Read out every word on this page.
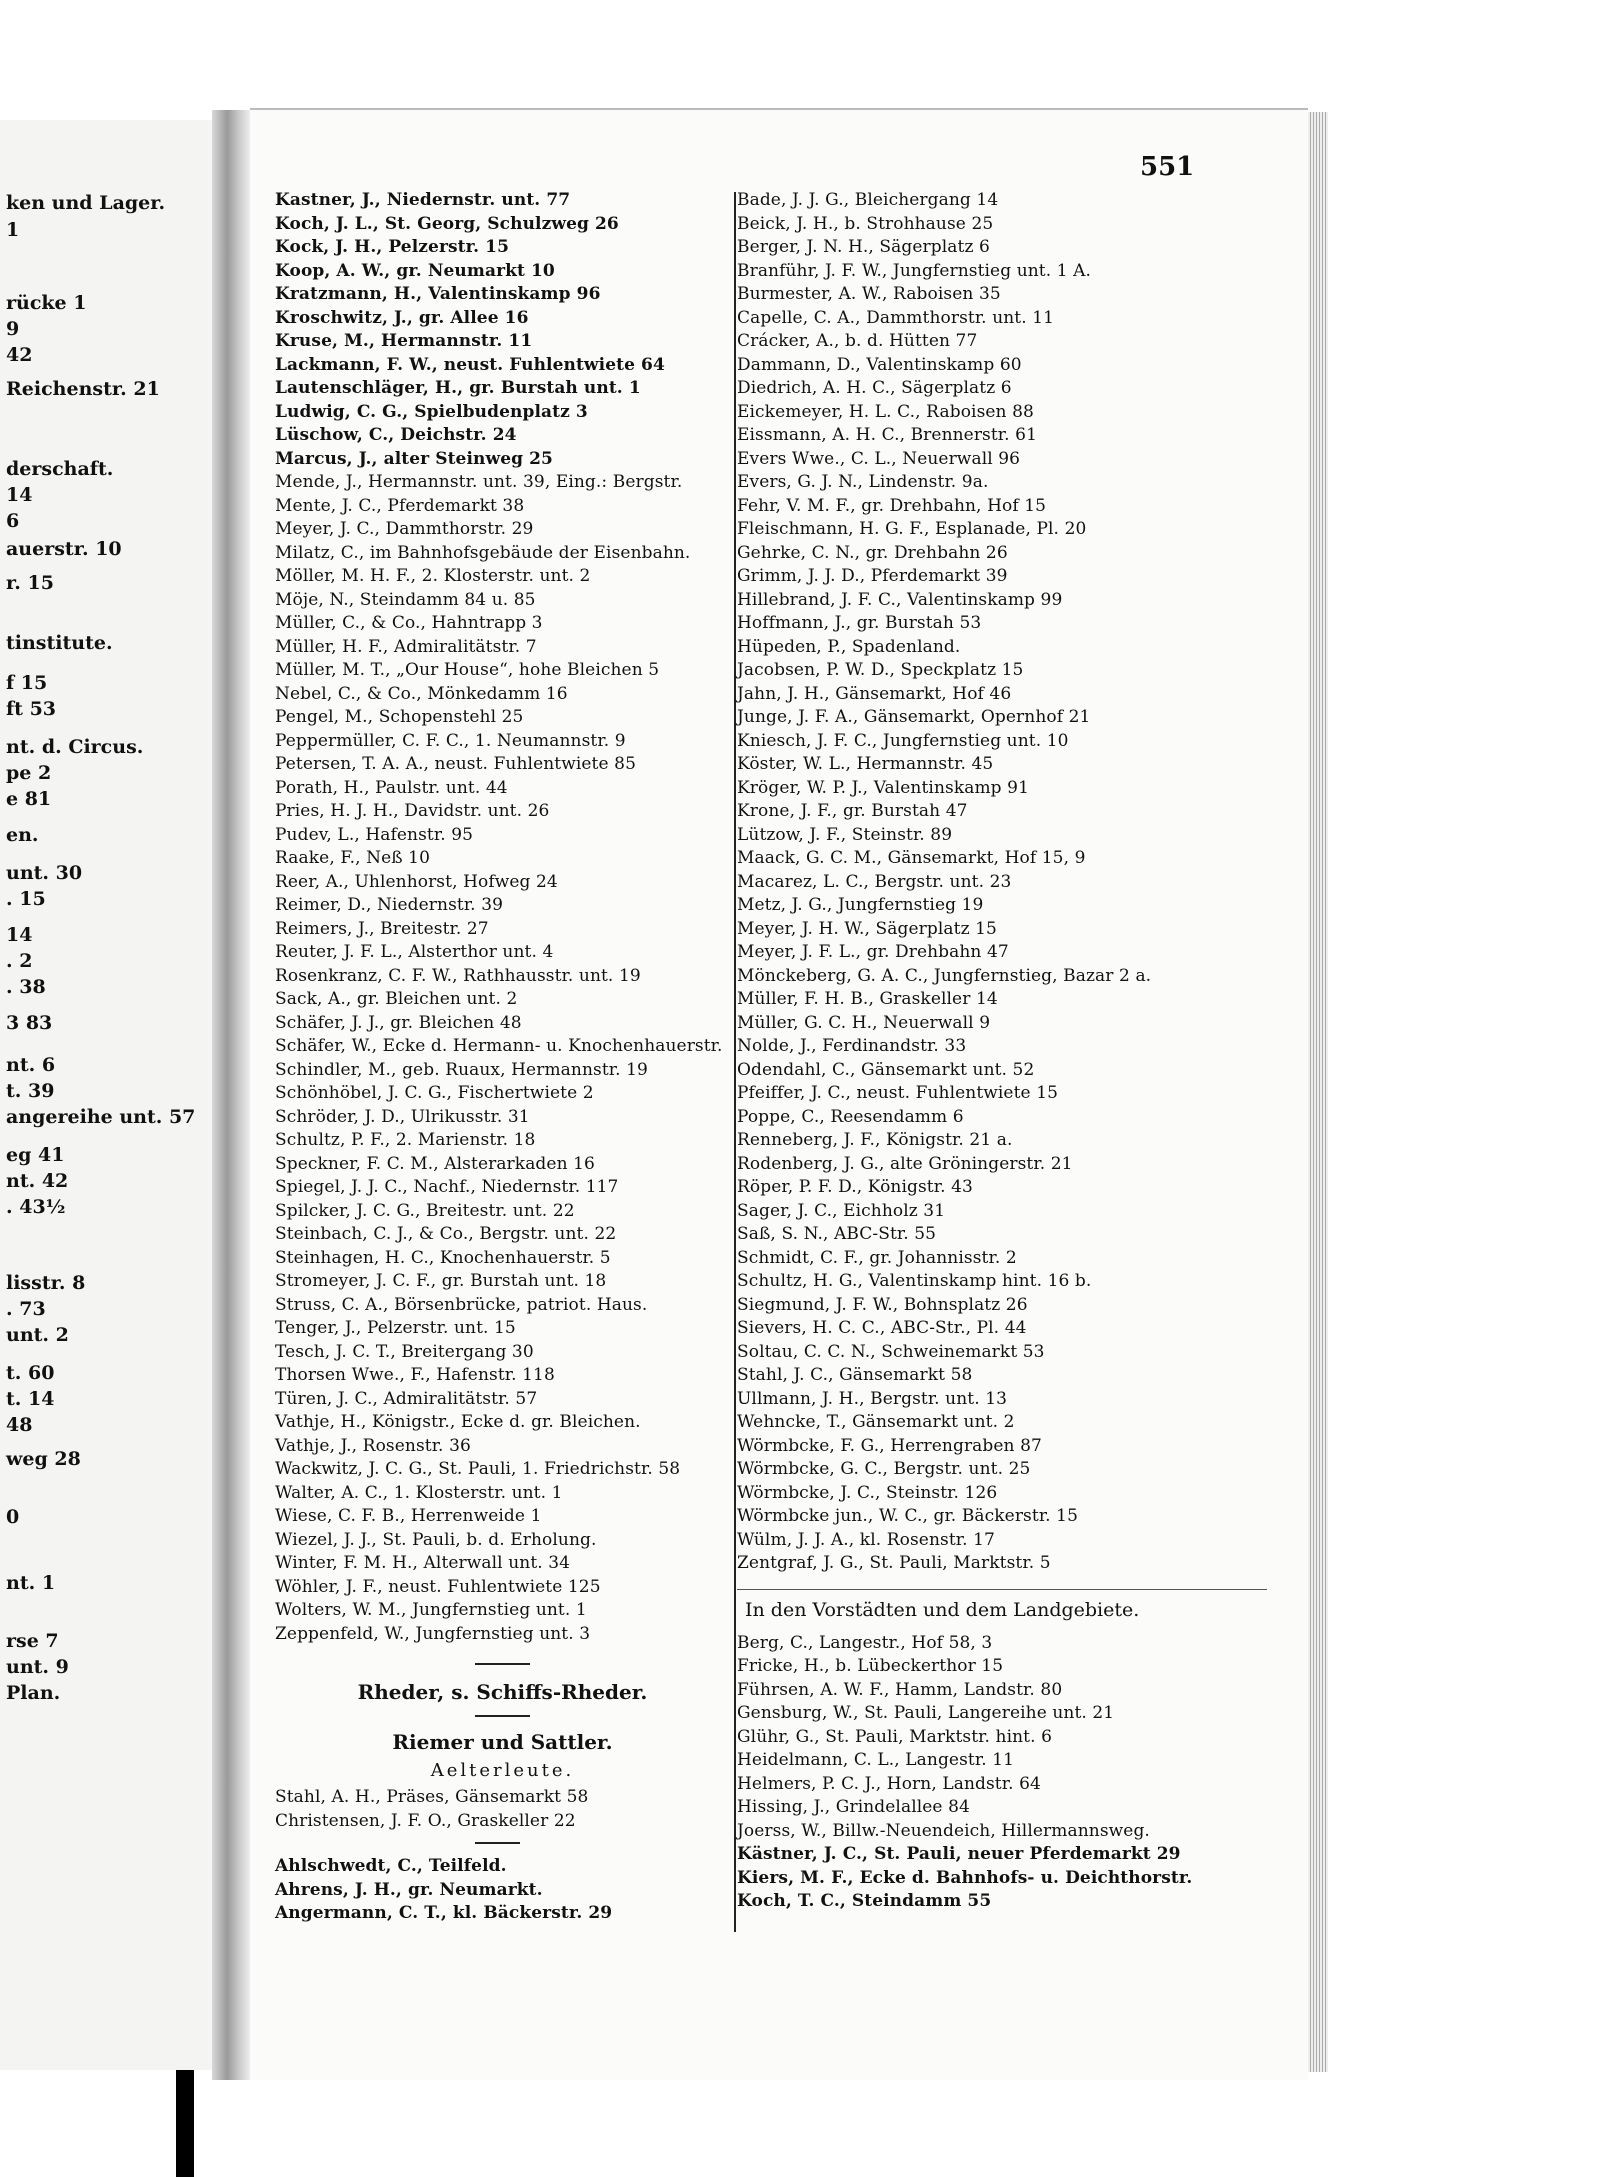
ken und Lager.
1
rücke 1
9
42
Reichenstr. 21
derschaft.
14
6
auerstr. 10
r. 15
tinstitute.
f 15
ft 53
nt. d. Circus.
pe 2
e 81
en.
unt. 30
. 15
14
. 2
. 38
3 83
nt. 6
t. 39
angereihe unt. 57
eg 41
nt. 42
. 43½
lisstr. 8
. 73
unt. 2
t. 60
t. 14
48
weg 28
0
nt. 1
rse 7
unt. 9
Plan.
551
Kastner, J., Niedernstr. unt. 77
Koch, J. L., St. Georg, Schulzweg 26
Kock, J. H., Pelzerstr. 15
Koop, A. W., gr. Neumarkt 10
Kratzmann, H., Valentinskamp 96
Kroschwitz, J., gr. Allee 16
Kruse, M., Hermannstr. 11
Lackmann, F. W., neust. Fuhlentwiete 64
Lautenschläger, H., gr. Burstah unt. 1
Ludwig, C. G., Spielbudenplatz 3
Lüschow, C., Deichstr. 24
Marcus, J., alter Steinweg 25
Mende, J., Hermannstr. unt. 39, Eing.: Bergstr.
Mente, J. C., Pferdemarkt 38
Meyer, J. C., Dammthorstr. 29
Milatz, C., im Bahnhofsgebäude der Eisenbahn.
Möller, M. H. F., 2. Klosterstr. unt. 2
Möje, N., Steindamm 84 u. 85
Müller, C., & Co., Hahntrapp 3
Müller, H. F., Admiralitätstr. 7
Müller, M. T., „Our House“, hohe Bleichen 5
Nebel, C., & Co., Mönkedamm 16
Pengel, M., Schopenstehl 25
Peppermüller, C. F. C., 1. Neumannstr. 9
Petersen, T. A. A., neust. Fuhlentwiete 85
Porath, H., Paulstr. unt. 44
Pries, H. J. H., Davidstr. unt. 26
Pudev, L., Hafenstr. 95
Raake, F., Neß 10
Reer, A., Uhlenhorst, Hofweg 24
Reimer, D., Niedernstr. 39
Reimers, J., Breitestr. 27
Reuter, J. F. L., Alsterthor unt. 4
Rosenkranz, C. F. W., Rathhausstr. unt. 19
Sack, A., gr. Bleichen unt. 2
Schäfer, J. J., gr. Bleichen 48
Schäfer, W., Ecke d. Hermann- u. Knochenhauerstr.
Schindler, M., geb. Ruaux, Hermannstr. 19
Schönhöbel, J. C. G., Fischertwiete 2
Schröder, J. D., Ulrikusstr. 31
Schultz, P. F., 2. Marienstr. 18
Speckner, F. C. M., Alsterarkaden 16
Spiegel, J. J. C., Nachf., Niedernstr. 117
Spilcker, J. C. G., Breitestr. unt. 22
Steinbach, C. J., & Co., Bergstr. unt. 22
Steinhagen, H. C., Knochenhauerstr. 5
Stromeyer, J. C. F., gr. Burstah unt. 18
Struss, C. A., Börsenbrücke, patriot. Haus.
Tenger, J., Pelzerstr. unt. 15
Tesch, J. C. T., Breitergang 30
Thorsen Wwe., F., Hafenstr. 118
Türen, J. C., Admiralitätstr. 57
Vathje, H., Königstr., Ecke d. gr. Bleichen.
Vathje, J., Rosenstr. 36
Wackwitz, J. C. G., St. Pauli, 1. Friedrichstr. 58
Walter, A. C., 1. Klosterstr. unt. 1
Wiese, C. F. B., Herrenweide 1
Wiezel, J. J., St. Pauli, b. d. Erholung.
Winter, F. M. H., Alterwall unt. 34
Wöhler, J. F., neust. Fuhlentwiete 125
Wolters, W. M., Jungfernstieg unt. 1
Zeppenfeld, W., Jungfernstieg unt. 3
Rheder, s. Schiffs-Rheder.
Riemer und Sattler.
Aelterleute.
Stahl, A. H., Präses, Gänsemarkt 58
Christensen, J. F. O., Graskeller 22
Ahlschwedt, C., Teilfeld.
Ahrens, J. H., gr. Neumarkt.
Angermann, C. T., kl. Bäckerstr. 29
Bade, J. J. G., Bleichergang 14
Beick, J. H., b. Strohhause 25
Berger, J. N. H., Sägerplatz 6
Branführ, J. F. W., Jungfernstieg unt. 1 A.
Burmester, A. W., Raboisen 35
Capelle, C. A., Dammthorstr. unt. 11
Crácker, A., b. d. Hütten 77
Dammann, D., Valentinskamp 60
Diedrich, A. H. C., Sägerplatz 6
Eickemeyer, H. L. C., Raboisen 88
Eissmann, A. H. C., Brennerstr. 61
Evers Wwe., C. L., Neuerwall 96
Evers, G. J. N., Lindenstr. 9a.
Fehr, V. M. F., gr. Drehbahn, Hof 15
Fleischmann, H. G. F., Esplanade, Pl. 20
Gehrke, C. N., gr. Drehbahn 26
Grimm, J. J. D., Pferdemarkt 39
Hillebrand, J. F. C., Valentinskamp 99
Hoffmann, J., gr. Burstah 53
Hüpeden, P., Spadenland.
Jacobsen, P. W. D., Speckplatz 15
Jahn, J. H., Gänsemarkt, Hof 46
Junge, J. F. A., Gänsemarkt, Opernhof 21
Kniesch, J. F. C., Jungfernstieg unt. 10
Köster, W. L., Hermannstr. 45
Kröger, W. P. J., Valentinskamp 91
Krone, J. F., gr. Burstah 47
Lützow, J. F., Steinstr. 89
Maack, G. C. M., Gänsemarkt, Hof 15, 9
Macarez, L. C., Bergstr. unt. 23
Metz, J. G., Jungfernstieg 19
Meyer, J. H. W., Sägerplatz 15
Meyer, J. F. L., gr. Drehbahn 47
Mönckeberg, G. A. C., Jungfernstieg, Bazar 2 a.
Müller, F. H. B., Graskeller 14
Müller, G. C. H., Neuerwall 9
Nolde, J., Ferdinandstr. 33
Odendahl, C., Gänsemarkt unt. 52
Pfeiffer, J. C., neust. Fuhlentwiete 15
Poppe, C., Reesendamm 6
Renneberg, J. F., Königstr. 21 a.
Rodenberg, J. G., alte Gröningerstr. 21
Röper, P. F. D., Königstr. 43
Sager, J. C., Eichholz 31
Saß, S. N., ABC-Str. 55
Schmidt, C. F., gr. Johannisstr. 2
Schultz, H. G., Valentinskamp hint. 16 b.
Siegmund, J. F. W., Bohnsplatz 26
Sievers, H. C. C., ABC-Str., Pl. 44
Soltau, C. C. N., Schweinemarkt 53
Stahl, J. C., Gänsemarkt 58
Ullmann, J. H., Bergstr. unt. 13
Wehncke, T., Gänsemarkt unt. 2
Wörmbcke, F. G., Herrengraben 87
Wörmbcke, G. C., Bergstr. unt. 25
Wörmbcke, J. C., Steinstr. 126
Wörmbcke jun., W. C., gr. Bäckerstr. 15
Wülm, J. J. A., kl. Rosenstr. 17
Zentgraf, J. G., St. Pauli, Marktstr. 5
In den Vorstädten und dem Landgebiete.
Berg, C., Langestr., Hof 58, 3
Fricke, H., b. Lübeckerthor 15
Führsen, A. W. F., Hamm, Landstr. 80
Gensburg, W., St. Pauli, Langereihe unt. 21
Glühr, G., St. Pauli, Marktstr. hint. 6
Heidelmann, C. L., Langestr. 11
Helmers, P. C. J., Horn, Landstr. 64
Hissing, J., Grindelallee 84
Joerss, W., Billw.-Neuendeich, Hillermannsweg.
Kästner, J. C., St. Pauli, neuer Pferdemarkt 29
Kiers, M. F., Ecke d. Bahnhofs- u. Deichthorstr.
Koch, T. C., Steindamm 55
